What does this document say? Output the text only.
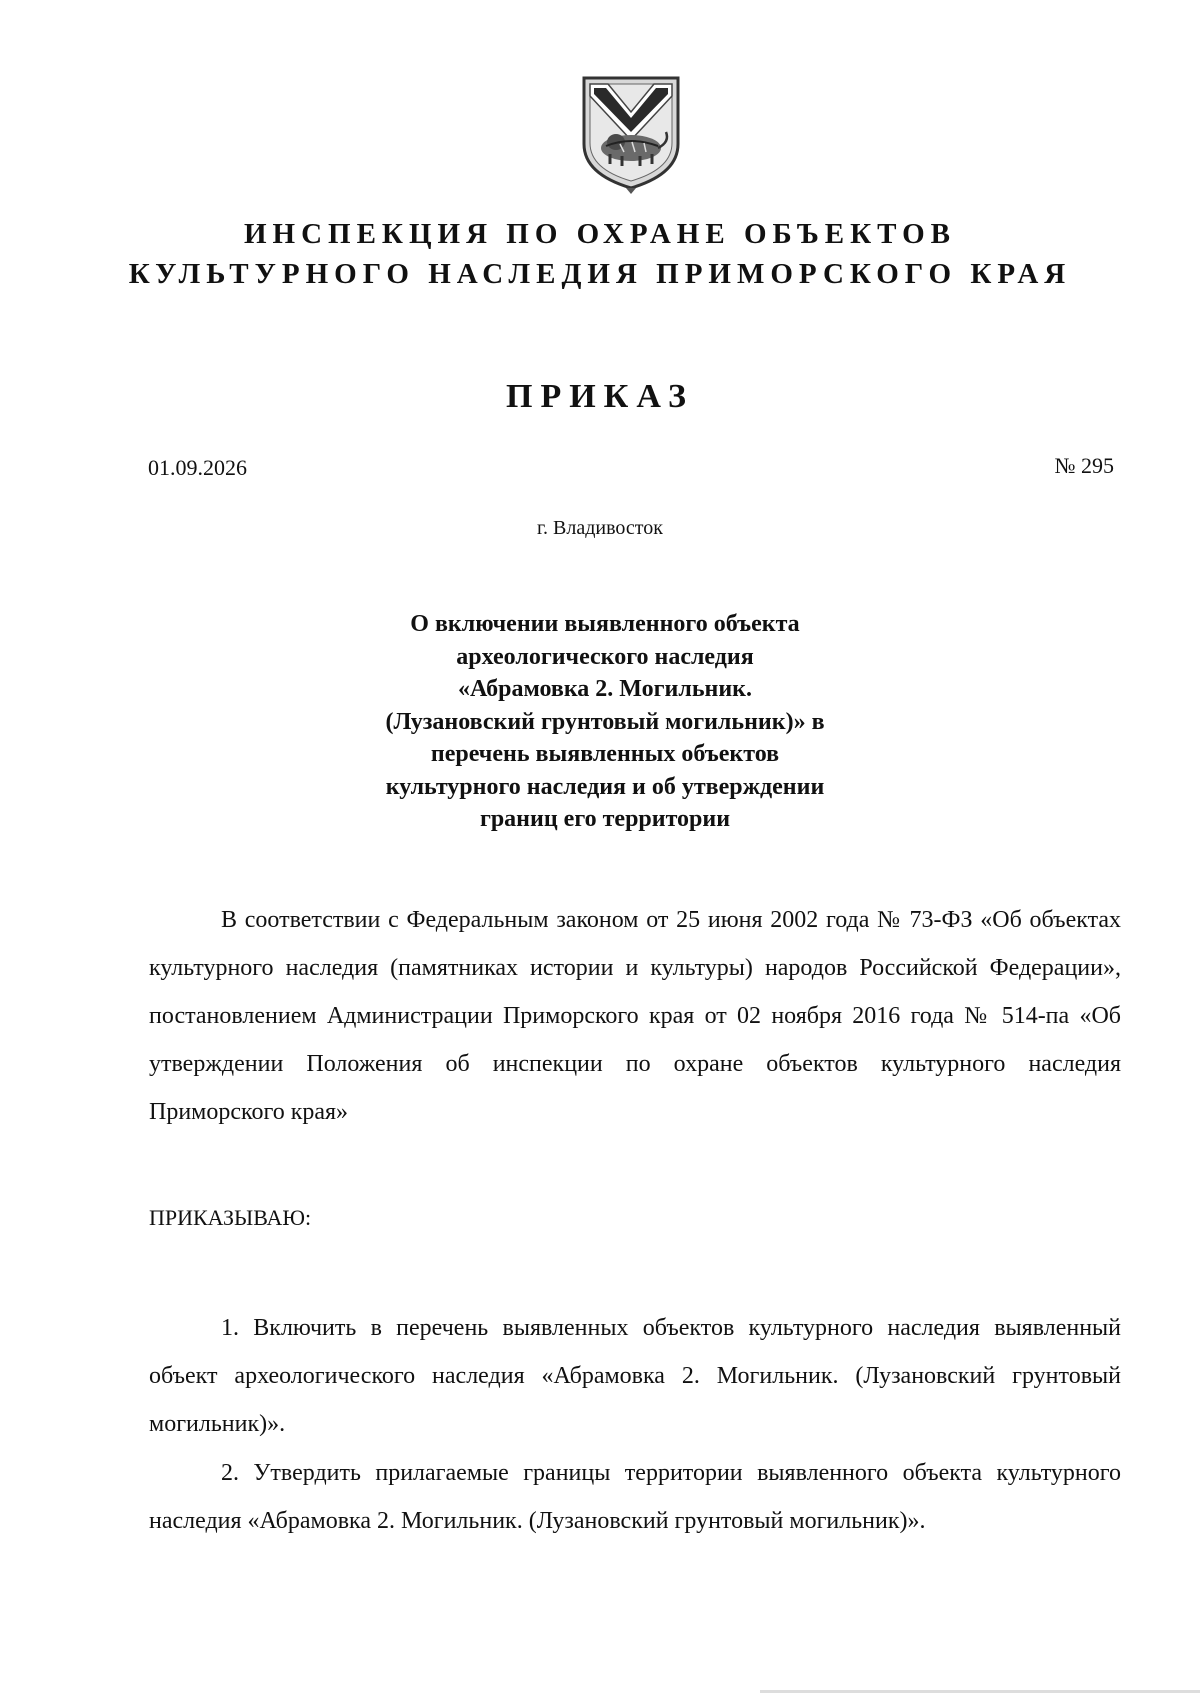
ИНСПЕКЦИЯ ПО ОХРАНЕ ОБЪЕКТОВ
КУЛЬТУРНОГО НАСЛЕДИЯ ПРИМОРСКОГО КРАЯ
ПРИКАЗ
01.09.2026	№ 295
г. Владивосток
О включении выявленного объекта
археологического наследия
«Абрамовка 2. Могильник.
(Лузановский грунтовый могильник)» в
перечень выявленных объектов
культурного наследия и об утверждении
границ его территории
В соответствии с Федеральным законом от 25 июня 2002 года № 73-ФЗ «Об объектах культурного наследия (памятниках истории и культуры) народов Российской Федерации», постановлением Администрации Приморского края от 02 ноября 2016 года № 514-па «Об утверждении Положения об инспекции по охране объектов культурного наследия Приморского края»
ПРИКАЗЫВАЮ:
1. Включить в перечень выявленных объектов культурного наследия выявленный объект археологического наследия «Абрамовка 2. Могильник. (Лузановский грунтовый могильник)».
2. Утвердить прилагаемые границы территории выявленного объекта культурного наследия «Абрамовка 2. Могильник. (Лузановский грунтовый могильник)».
